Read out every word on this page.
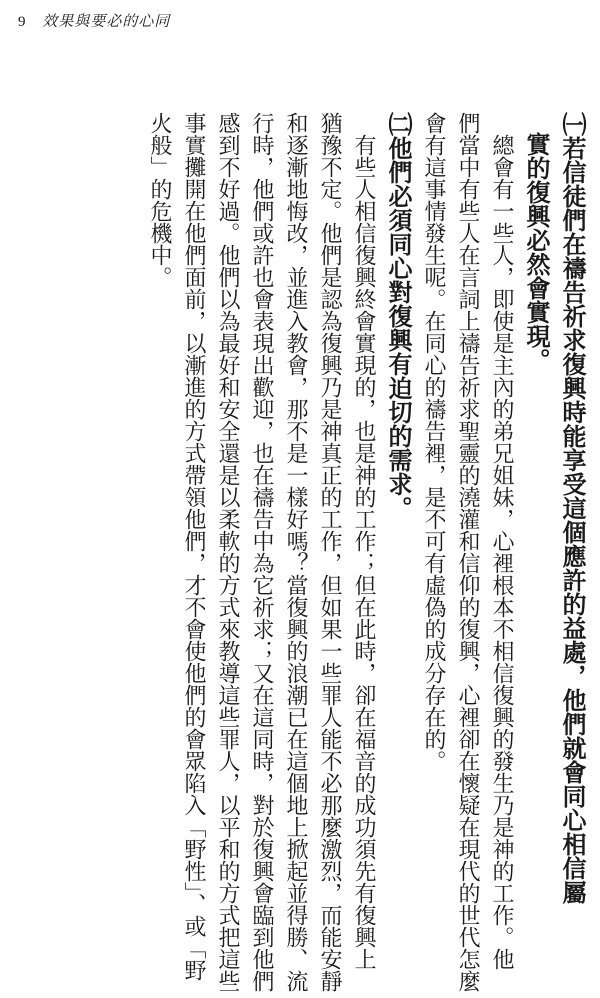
9 效果與要必的心同

㈠若信徒們在禱告祈求復興時能享受這個應許的益處，他們就會同心相信屬

實的復興必然會實現。

總會有一些人，即使是主內的弟兄姐妹，心裡根本不相信復興的發生乃是神的工作。他

們當中有些人在言詞上禱告祈求聖靈的澆灌和信仰的復興，心裡卻在懷疑在現代的世代怎麼

會有這事情發生呢。在同心的禱告裡，是不可有虛偽的成分存在的。

㈡他們必須同心對復興有迫切的需求。

有些人相信復興終會實現的，也是神的工作；但在此時，卻在福音的成功須先有復興上

猶豫不定。他們是認為復興乃是神真正的工作，但如果一些罪人能不必那麼激烈，而能安靜

和逐漸地悔改，並進入教會，那不是一樣好嗎？當復興的浪潮已在這個地上掀起並得勝、流

行時，他們或許也會表現出歡迎，也在禱告中為它祈求；又在這同時，對於復興會臨到他們

感到不好過。他們以為最好和安全還是以柔軟的方式來教導這些罪人，以平和的方式把這些

事實攤開在他們面前，以漸進的方式帶領他們，才不會使他們的會眾陷入「野性」、或「野

火般」的危機中。
